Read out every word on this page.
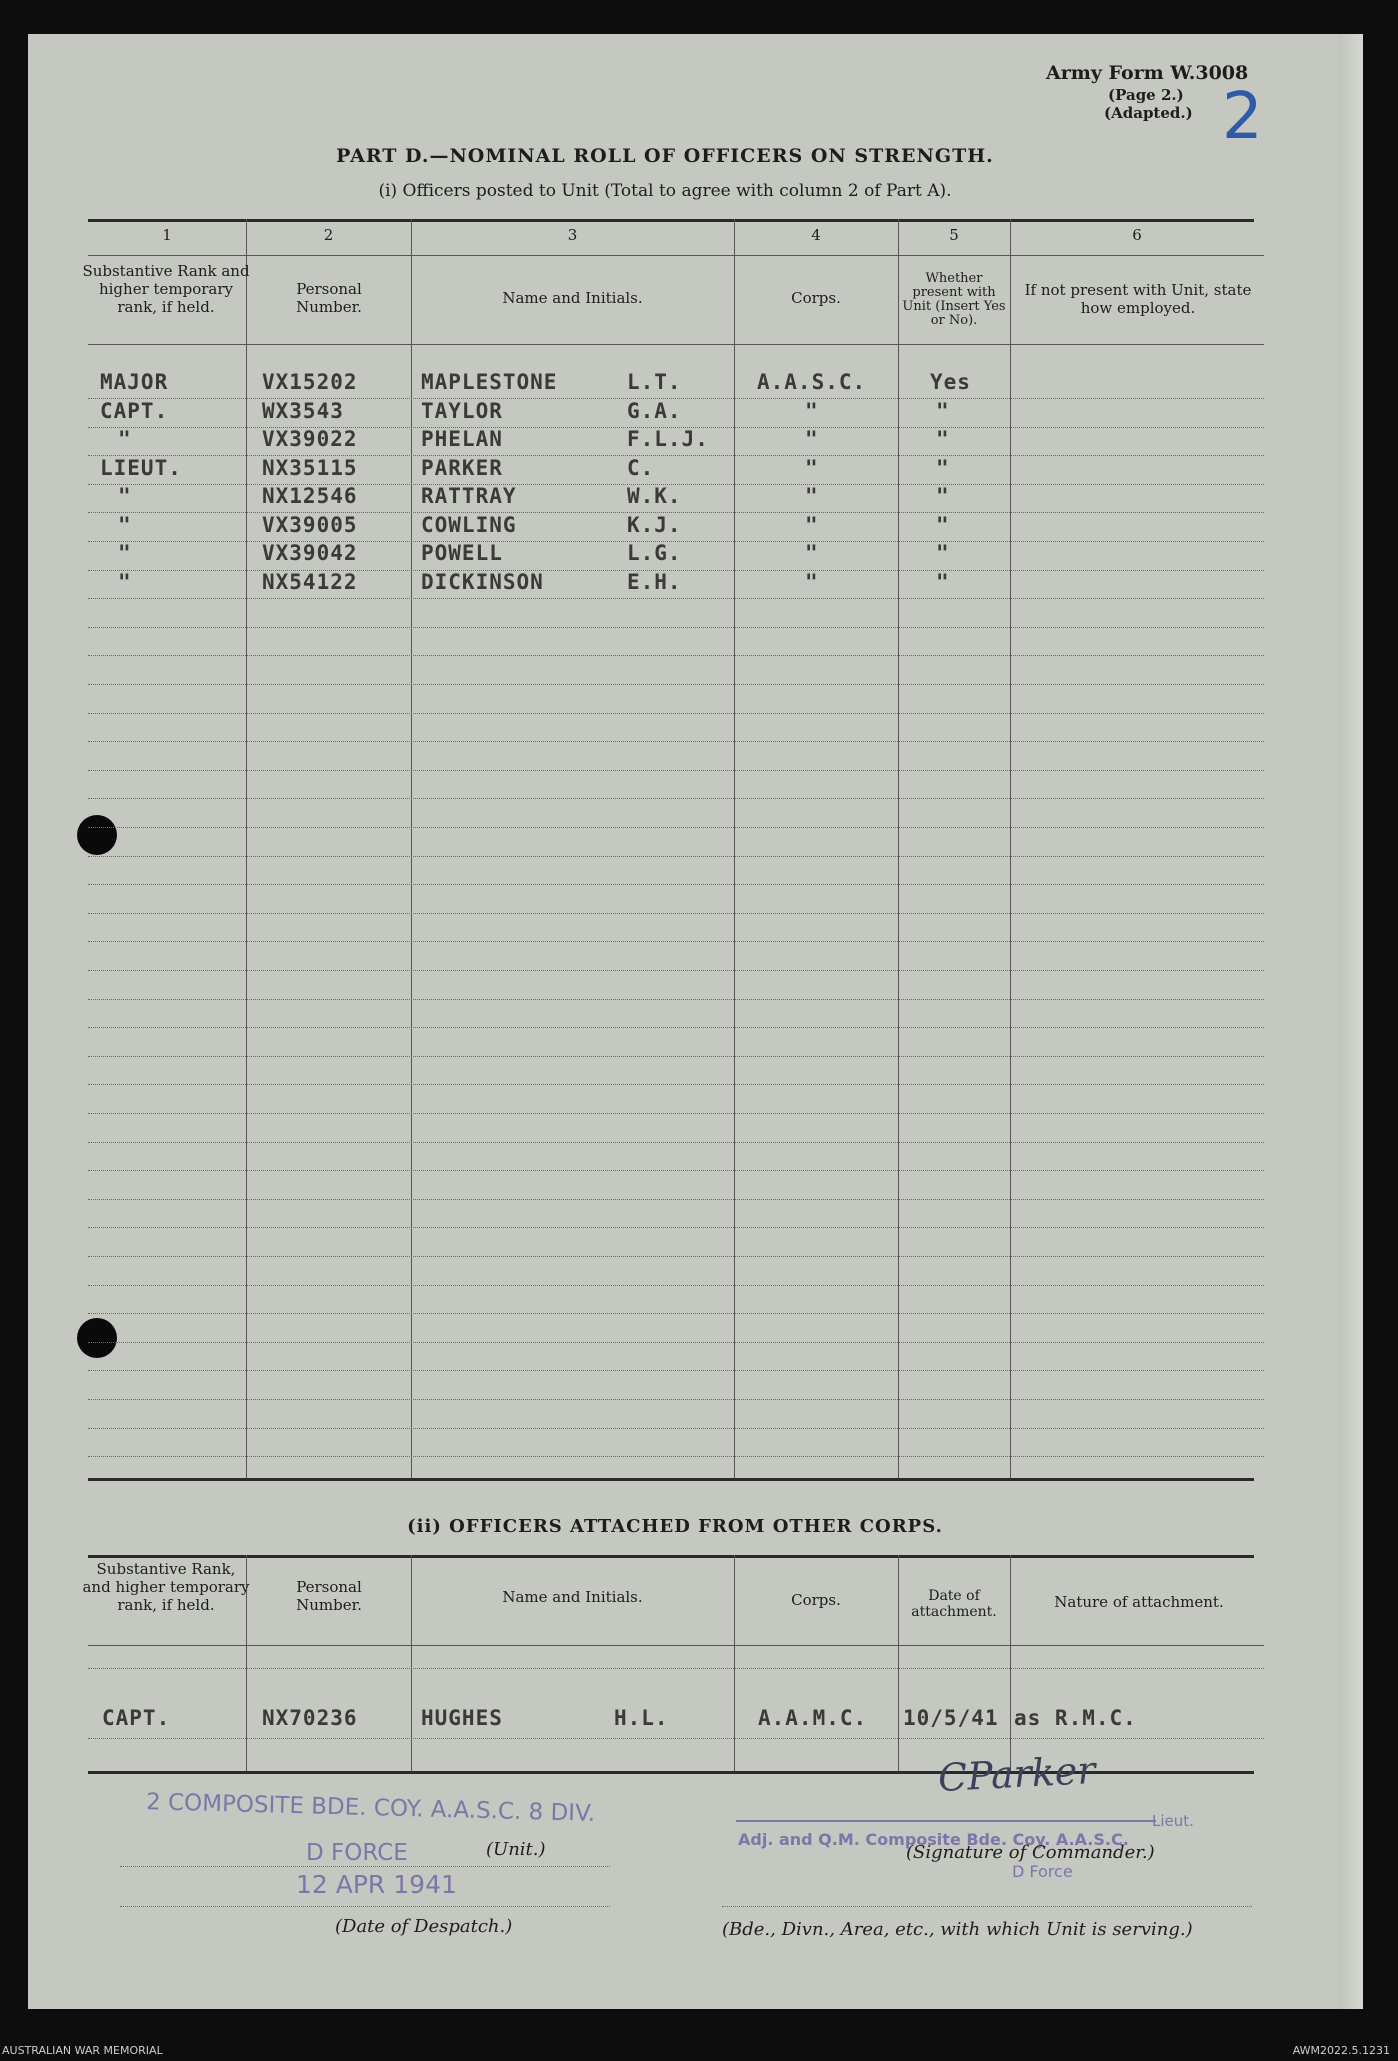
Army Form W.3008
(Page 2.)
(Adapted.) 2
PART D.—NOMINAL ROLL OF OFFICERS ON STRENGTH.
(i) Officers posted to Unit (Total to agree with column 2 of Part A).
1	2	3	4	5	6
Substantive Rank and higher temporary rank, if held.
Personal Number.	Name and Initials.	Corps.
Whether present with Unit (Insert Yes or No).
If not present with Unit, state how employed.
MAJOR	VX15202	MAPLESTONE	L.T.	A.A.S.C.	Yes
CAPT.	WX3543	TAYLOR	G.A.	"	"
"	VX39022	PHELAN	F.L.J.	"	"
LIEUT.	NX35115	PARKER	C.	"	"
"	NX12546	RATTRAY	W.K.	"	"
"	VX39005	COWLING	K.J.	"	"
"	VX39042	POWELL	L.G.	"	"
"	NX54122	DICKINSON	E.H.	"	"
(ii) OFFICERS ATTACHED FROM OTHER CORPS.
Substantive Rank, and higher temporary rank, if held.
Personal Number.	Name and Initials.	Corps.	Date of attachment.
Nature of attachment.
CAPT.	NX70236	HUGHES	H.L.	A.A.M.C. 10/5/41 as R.M.C.
2 COMPOSITE BDE. COY. A.A.S.C. 8 DIV.
D FORCE
12 APR 1941
(Unit.)
(Date of Despatch.)
CParker
Lieut.
Adj. and Q.M. Composite Bde. Coy. A.A.S.C.
D Force
(Signature of Commander.)
(Bde., Divn., Area, etc., with which Unit is serving.)
AUSTRALIAN WAR MEMORIAL	AWM2022.5.1231
